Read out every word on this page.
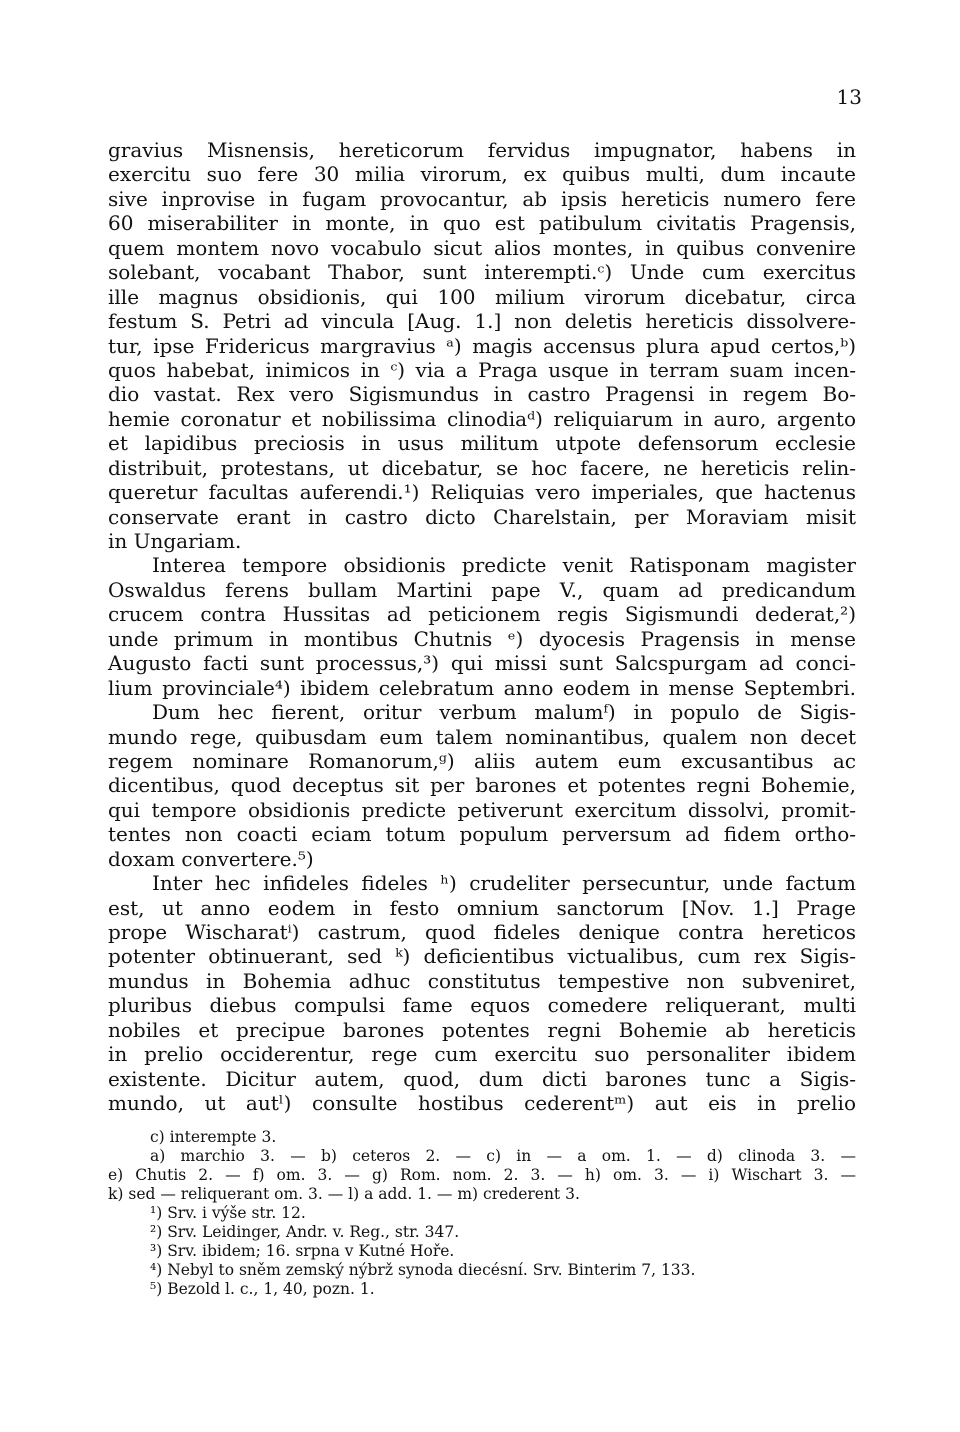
13
gravius Misnensis, hereticorum fervidus impugnator, habens in
exercitu suo fere 30 milia virorum, ex quibus multi, dum incaute
sive inprovise in fugam provocantur, ab ipsis hereticis numero fere
60 miserabiliter in monte, in quo est patibulum civitatis Pragensis,
quem montem novo vocabulo sicut alios montes, in quibus convenire
solebant, vocabant Thabor, sunt interempti.ᶜ) Unde cum exercitus
ille magnus obsidionis, qui 100 milium virorum dicebatur, circa
festum S. Petri ad vincula [Aug. 1.] non deletis hereticis dissolvere-
tur, ipse Fridericus margravius ᵃ) magis accensus plura apud certos,ᵇ)
quos habebat, inimicos in ᶜ) via a Praga usque in terram suam incen-
dio vastat. Rex vero Sigismundus in castro Pragensi in regem Bo-
hemie coronatur et nobilissima clinodiaᵈ) reliquiarum in auro, argento
et lapidibus preciosis in usus militum utpote defensorum ecclesie
distribuit, protestans, ut dicebatur, se hoc facere, ne hereticis relin-
queretur facultas auferendi.¹) Reliquias vero imperiales, que hactenus
conservate erant in castro dicto Charelstain, per Moraviam misit
in Ungariam.
Interea tempore obsidionis predicte venit Ratisponam magister
Oswaldus ferens bullam Martini pape V., quam ad predicandum
crucem contra Hussitas ad peticionem regis Sigismundi dederat,²)
unde primum in montibus Chutnis ᵉ) dyocesis Pragensis in mense
Augusto facti sunt processus,³) qui missi sunt Salcspurgam ad conci-
lium provinciale⁴) ibidem celebratum anno eodem in mense Septembri.
Dum hec fierent, oritur verbum malumᶠ) in populo de Sigis-
mundo rege, quibusdam eum talem nominantibus, qualem non decet
regem nominare Romanorum,ᵍ) aliis autem eum excusantibus ac
dicentibus, quod deceptus sit per barones et potentes regni Bohemie,
qui tempore obsidionis predicte petiverunt exercitum dissolvi, promit-
tentes non coacti eciam totum populum perversum ad fidem ortho-
doxam convertere.⁵)
Inter hec infideles fideles ʰ) crudeliter persecuntur, unde factum
est, ut anno eodem in festo omnium sanctorum [Nov. 1.] Prage
prope Wischaratⁱ) castrum, quod fideles denique contra hereticos
potenter obtinuerant, sed ᵏ) deficientibus victualibus, cum rex Sigis-
mundus in Bohemia adhuc constitutus tempestive non subveniret,
pluribus diebus compulsi fame equos comedere reliquerant, multi
nobiles et precipue barones potentes regni Bohemie ab hereticis
in prelio occiderentur, rege cum exercitu suo personaliter ibidem
existente. Dicitur autem, quod, dum dicti barones tunc a Sigis-
mundo, ut autˡ) consulte hostibus cederentᵐ) aut eis in prelio
c) interempte 3.
a) marchio 3. — b) ceteros 2. — c) in — a om. 1. — d) clinoda 3. —
e) Chutis 2. — f) om. 3. — g) Rom. nom. 2. 3. — h) om. 3. — i) Wischart 3. —
k) sed — reliquerant om. 3. — l) a add. 1. — m) crederent 3.
¹) Srv. i výše str. 12.
²) Srv. Leidinger, Andr. v. Reg., str. 347.
³) Srv. ibidem; 16. srpna v Kutné Hoře.
⁴) Nebyl to sněm zemský nýbrž synoda diecésní. Srv. Binterim 7, 133.
⁵) Bezold l. c., 1, 40, pozn. 1.
